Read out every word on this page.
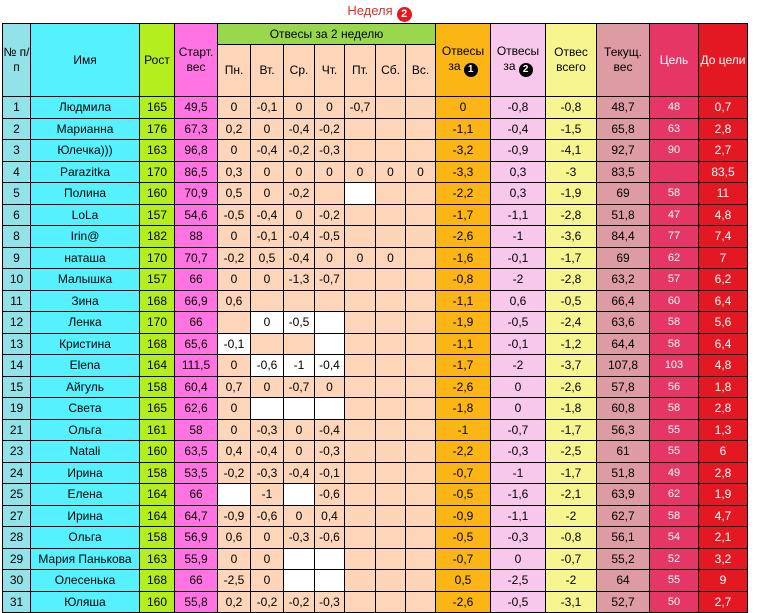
Неделя 2
№ п/п	Имя	Рост	Старт. вес	Отвесы за 2 неделю							Отвесы за 1	Отвесы за 2	Отвес всего	Текущ. вес	Цель	До цели
				Пн.	Вт.	Ср.	Чт.	Пт.	Сб.	Вс.						
1	Людмила	165	49,5	0	-0,1	0	0	-0,7			0	-0,8	-0,8	48,7	48	0,7
2	Марианна	176	67,3	0,2	0	-0,4	-0,2				-1,1	-0,4	-1,5	65,8	63	2,8
3	Юлечка)))	163	96,8	0	-0,4	-0,2	-0,3				-3,2	-0,9	-4,1	92,7	90	2,7
4	Parazitka	170	86,5	0,3	0	0	0	0	0	0	-3,3	0,3	-3	83,5		83,5
5	Полина	160	70,9	0,5	0	-0,2					-2,2	0,3	-1,9	69	58	11
6	LoLa	157	54,6	-0,5	-0,4	0	-0,2				-1,7	-1,1	-2,8	51,8	47	4,8
8	Irin@	182	88	0	-0,1	-0,4	-0,5				-2,6	-1	-3,6	84,4	77	7,4
9	наташа	170	70,7	-0,2	0,5	-0,4	0	0	0		-1,6	-0,1	-1,7	69	62	7
10	Малышка	157	66	0	0	-1,3	-0,7				-0,8	-2	-2,8	63,2	57	6,2
11	Зина	168	66,9	0,6							-1,1	0,6	-0,5	66,4	60	6,4
12	Ленка	170	66		0	-0,5					-1,9	-0,5	-2,4	63,6	58	5,6
13	Кристина	168	65,6	-0,1							-1,1	-0,1	-1,2	64,4	58	6,4
14	Elena	164	111,5	0	-0,6	-1	-0,4				-1,7	-2	-3,7	107,8	103	4,8
15	Айгуль	158	60,4	0,7	0	-0,7	0				-2,6	0	-2,6	57,8	56	1,8
19	Света	165	62,6	0							-1,8	0	-1,8	60,8	58	2,8
21	Ольга	161	58	0	-0,3	0	-0,4				-1	-0,7	-1,7	56,3	55	1,3
23	Natali	160	63,5	0,4	-0,4	0	-0,3				-2,2	-0,3	-2,5	61	55	6
24	Ирина	158	53,5	-0,2	-0,3	-0,4	-0,1				-0,7	-1	-1,7	51,8	49	2,8
25	Елена	164	66		-1		-0,6				-0,5	-1,6	-2,1	63,9	62	1,9
27	Ирина	164	64,7	-0,9	-0,6	0	0,4				-0,9	-1,1	-2	62,7	58	4,7
28	Ольга	158	56,9	0,6	0	-0,3	-0,6				-0,5	-0,3	-0,8	56,1	54	2,1
29	Мария Панькова	163	55,9	0	0						-0,7	0	-0,7	55,2	52	3,2
30	Олесенька	168	66	-2,5	0						0,5	-2,5	-2	64	55	9
31	Юляша	160	55,8	0,2	-0,2	-0,2	-0,3				-2,6	-0,5	-3,1	52,7	50	2,7
